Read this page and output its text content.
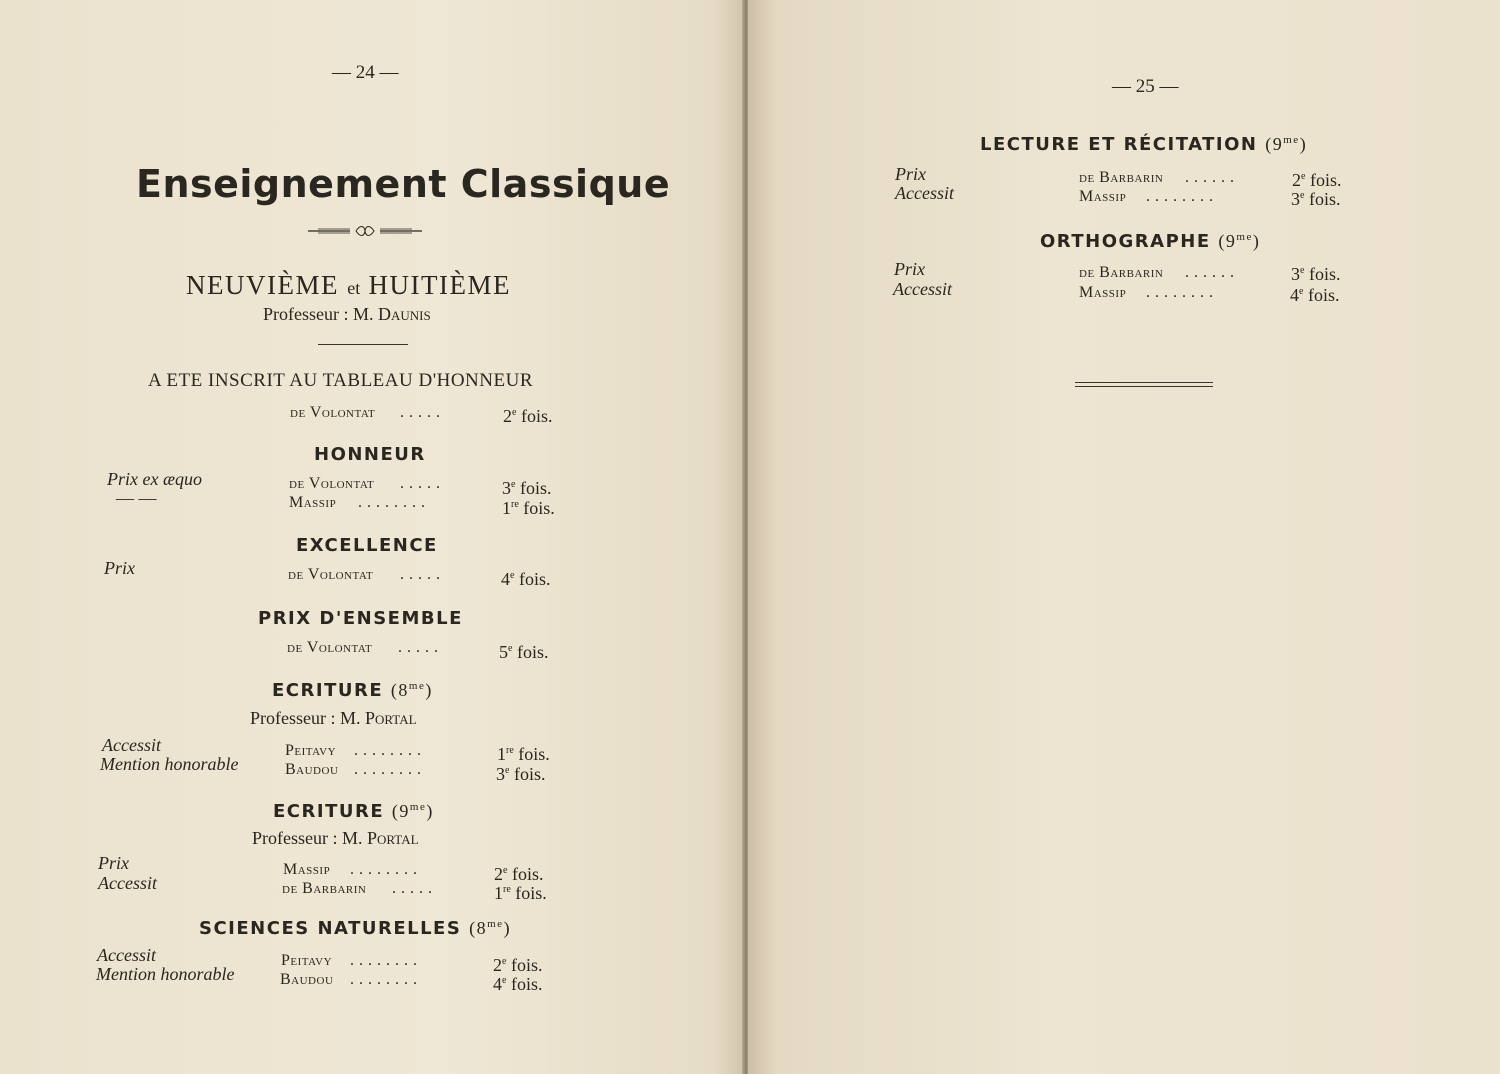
— 24 —
Enseignement Classique
NEUVIÈME et HUITIÈME
Professeur : M. Daunis
A ETE INSCRIT AU TABLEAU D'HONNEUR
de Volontat . . . . .	2e fois.
HONNEUR
Prix ex æquo	de Volontat . . . . .	3e fois.
— —	Massip . . . . . . . .	1re fois.
EXCELLENCE
Prix	de Volontat . . . . .	4e fois.
PRIX D'ENSEMBLE
de Volontat . . . . .	5e fois.
ECRITURE $(8^{me})$
Professeur : M. Portal
Accessit	Peitavy . . . . . . . .	1re fois.
Mention honorable	Baudou . . . . . . . .	3e fois.
ECRITURE $(9^{me})$
Professeur : M. Portal
Prix	Massip . . . . . . . .	2e fois.
Accessit	de Barbarin . . . . .	1re fois.
SCIENCES NATURELLES $(8^{me})$
Accessit	Peitavy . . . . . . . .	2e fois.
Mention honorable	Baudou . . . . . . . .	4e fois.
— 25 —
LECTURE ET RÉCITATION $(9^{me})$
Prix	de Barbarin . . . . . .	2e fois.
Accessit	Massip . . . . . . . .	3e fois.
ORTHOGRAPHE $(9^{me})$
Prix	de Barbarin . . . . . .	3e fois.
Accessit	Massip . . . . . . . .	4e fois.
